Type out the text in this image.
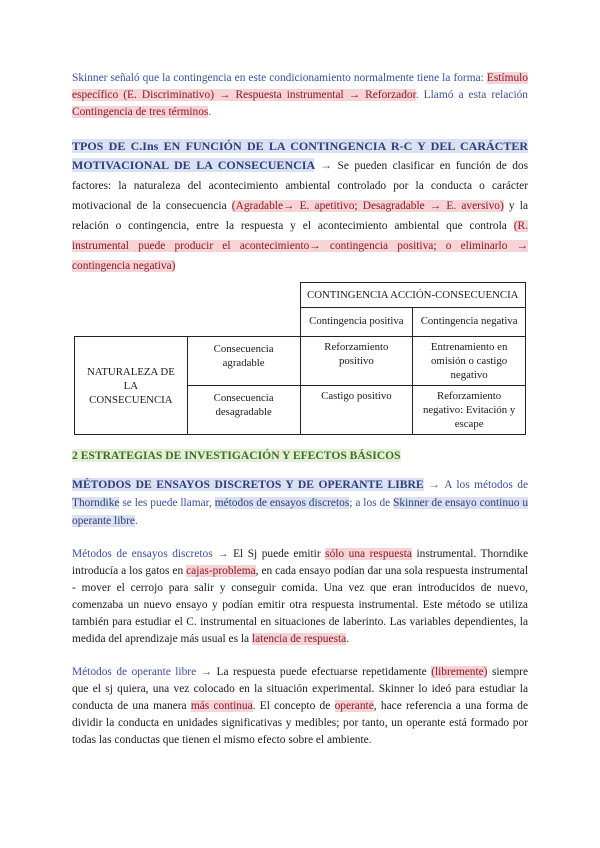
Skinner señaló que la contingencia en este condicionamiento normalmente tiene la forma: Estímulo específico (E. Discriminativo) → Respuesta instrumental → Reforzador. Llamó a esta relación Contingencia de tres términos.

TPOS DE C.Ins EN FUNCIÓN DE LA CONTINGENCIA R-C Y DEL CARÁCTER MOTIVACIONAL DE LA CONSECUENCIA → Se pueden clasificar en función de dos factores: la naturaleza del acontecimiento ambiental controlado por la conducta o carácter motivacional de la consecuencia (Agradable→ E. apetitivo; Desagradable → E. aversivo) y la relación o contingencia, entre la respuesta y el acontecimiento ambiental que controla (R. instrumental puede producir el acontecimiento→ contingencia positiva; o eliminarlo → contingencia negativa)

		CONTINGENCIA ACCIÓN-CONSECUENCIA	
		Contingencia positiva	Contingencia negativa
NATURALEZA DE LA CONSECUENCIA	Consecuencia agradable	Reforzamiento positivo	Entrenamiento en omisión o castigo negativo
	Consecuencia desagradable	Castigo positivo	Reforzamiento negativo: Evitación y escape

2 ESTRATEGIAS DE INVESTIGACIÓN Y EFECTOS BÁSICOS

MÉTODOS DE ENSAYOS DISCRETOS Y DE OPERANTE LIBRE → A los métodos de Thorndike se les puede llamar, métodos de ensayos discretos; a los de Skinner de ensayo continuo u operante libre.

Métodos de ensayos discretos → El Sj puede emitir sólo una respuesta instrumental. Thorndike introducía a los gatos en cajas-problema, en cada ensayo podían dar una sola respuesta instrumental - mover el cerrojo para salir y conseguir comida. Una vez que eran introducidos de nuevo, comenzaba un nuevo ensayo y podían emitir otra respuesta instrumental. Este método se utiliza también para estudiar el C. instrumental en situaciones de laberinto. Las variables dependientes, la medida del aprendizaje más usual es la latencia de respuesta.

Métodos de operante libre → La respuesta puede efectuarse repetidamente (libremente) siempre que el sj quiera, una vez colocado en la situación experimental. Skinner lo ideó para estudiar la conducta de una manera más continua. El concepto de operante, hace referencia a una forma de dividir la conducta en unidades significativas y medibles; por tanto, un operante está formado por todas las conductas que tienen el mismo efecto sobre el ambiente.
